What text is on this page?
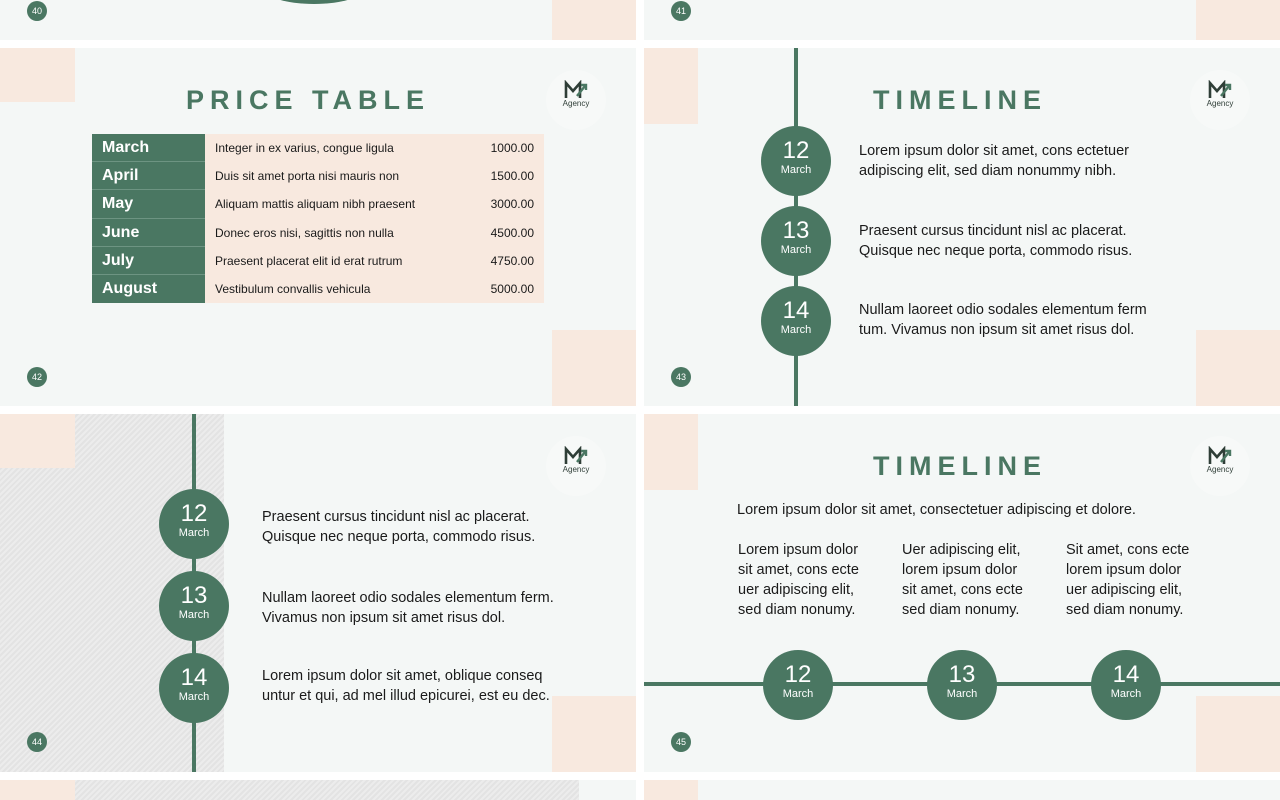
40	41
PRICE TABLE	Agency
March	Integer in ex varius, congue ligula	1000.00
April	Duis sit amet porta nisi mauris non	1500.00
May	Aliquam mattis aliquam nibh praesent	3000.00
June	Donec eros nisi, sagittis non nulla	4500.00
July	Praesent placerat elit id erat rutrum	4750.00
August	Vestibulum convallis vehicula	5000.00
42
TIMELINE	Agency
12
March
Lorem ipsum dolor sit amet, cons ectetuer
adipiscing elit, sed diam nonummy nibh.
13
March
Praesent cursus tincidunt nisl ac placerat.
Quisque nec neque porta, commodo risus.
14
March
Nullam laoreet odio sodales elementum ferm
tum. Vivamus non ipsum sit amet risus dol.
43
Agency
12
March
Praesent cursus tincidunt nisl ac placerat.
Quisque nec neque porta, commodo risus.
13
March
Nullam laoreet odio sodales elementum ferm.
Vivamus non ipsum sit amet risus dol.
14
March
Lorem ipsum dolor sit amet, oblique conseq
untur et qui, ad mel illud epicurei, est eu dec.
44
TIMELINE	Agency
Lorem ipsum dolor sit amet, consectetuer adipiscing et dolore.
Lorem ipsum dolor
sit amet, cons ecte
uer adipiscing elit,
sed diam nonumy.
Uer adipiscing elit,
lorem ipsum dolor
sit amet, cons ecte
sed diam nonumy.
Sit amet, cons ecte
lorem ipsum dolor
uer adipiscing elit,
sed diam nonumy.
12
March
13
March
14
March
45
